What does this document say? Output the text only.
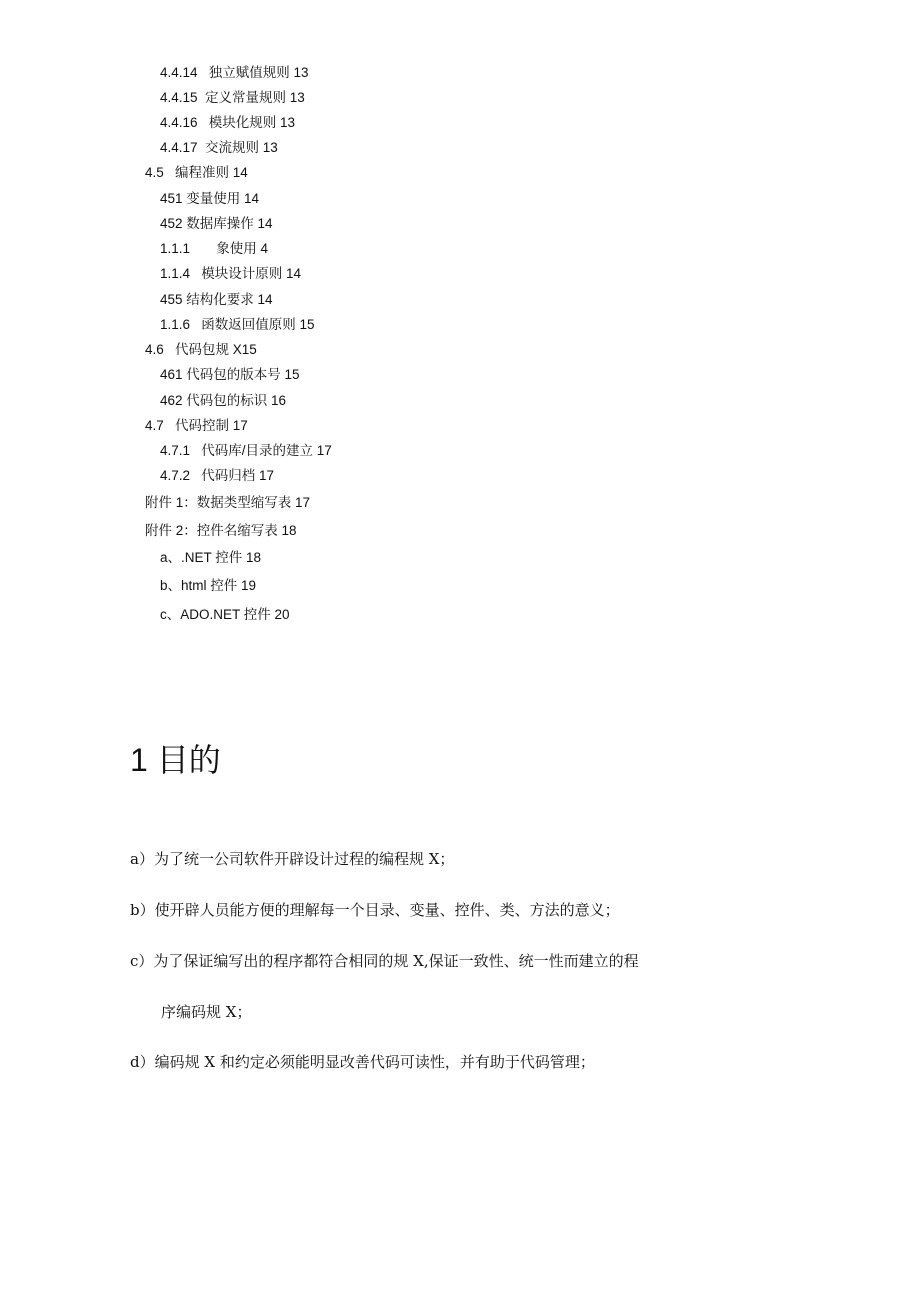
4.4.14   独立赋值规则 13
4.4.15  定义常量规则 13
4.4.16   模块化规则 13
4.4.17  交流规则 13
4.5   编程准则 14
451 变量使用 14
452 数据库操作 14
1.1.1       象使用 4
1.1.4   模块设计原则 14
455 结构化要求 14
1.1.6   函数返回值原则 15
4.6   代码包规 X15
461 代码包的版本号 15
462 代码包的标识 16
4.7   代码控制 17
4.7.1   代码库/目录的建立 17
4.7.2   代码归档 17
附件 1：数据类型缩写表 17
附件 2：控件名缩写表 18
a、.NET 控件 18
b、html 控件 19
c、ADO.NET 控件 20
1 目的
a）为了统一公司软件开辟设计过程的编程规 X；
b）使开辟人员能方便的理解每一个目录、变量、控件、类、方法的意义；
c）为了保证编写出的程序都符合相同的规 X,保证一致性、统一性而建立的程
序编码规 X；
d）编码规 X 和约定必须能明显改善代码可读性，并有助于代码管理；
